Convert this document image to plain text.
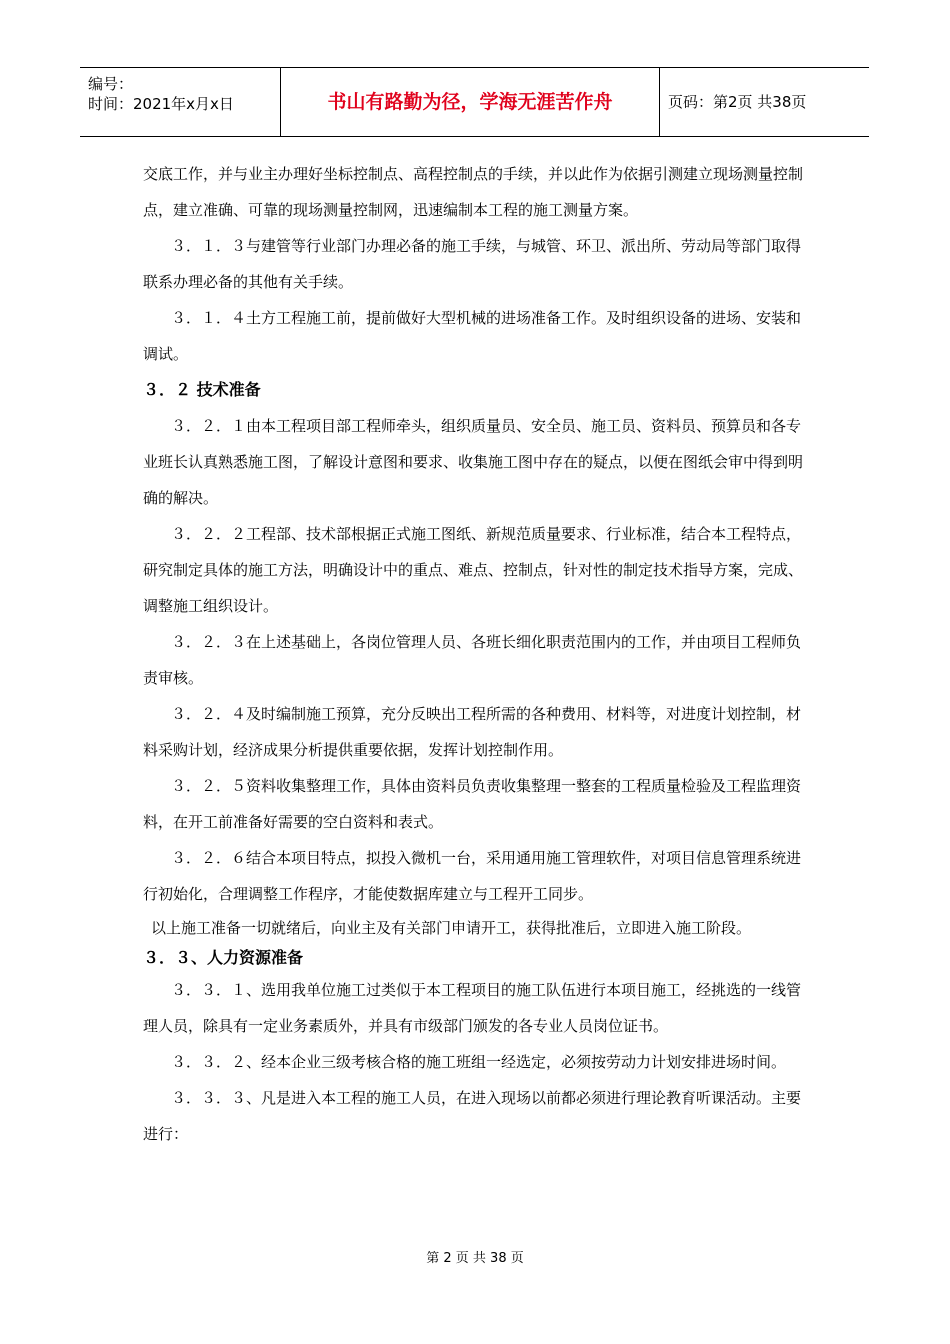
编号：
时间：2021年x月x日	书山有路勤为径，学海无涯苦作舟	页码：第2页 共38页

交底工作，并与业主办理好坐标控制点、高程控制点的手续，并以此作为依据引测建立现场测量控制点，建立准确、可靠的现场测量控制网，迅速编制本工程的施工测量方案。

３．１．３与建管等行业部门办理必备的施工手续，与城管、环卫、派出所、劳动局等部门取得联系办理必备的其他有关手续。

３．１．４土方工程施工前，提前做好大型机械的进场准备工作。及时组织设备的进场、安装和调试。

３．２ 技术准备

３．２．１由本工程项目部工程师牵头，组织质量员、安全员、施工员、资料员、预算员和各专业班长认真熟悉施工图，了解设计意图和要求、收集施工图中存在的疑点，以便在图纸会审中得到明确的解决。

３．２．２工程部、技术部根据正式施工图纸、新规范质量要求、行业标准，结合本工程特点，研究制定具体的施工方法，明确设计中的重点、难点、控制点，针对性的制定技术指导方案，完成、调整施工组织设计。

３．２．３在上述基础上，各岗位管理人员、各班长细化职责范围内的工作，并由项目工程师负责审核。

３．２．４及时编制施工预算，充分反映出工程所需的各种费用、材料等，对进度计划控制，材料采购计划，经济成果分析提供重要依据，发挥计划控制作用。

３．２．５资料收集整理工作，具体由资料员负责收集整理一整套的工程质量检验及工程监理资料，在开工前准备好需要的空白资料和表式。

３．２．６结合本项目特点，拟投入微机一台，采用通用施工管理软件，对项目信息管理系统进行初始化，合理调整工作程序，才能使数据库建立与工程开工同步。

以上施工准备一切就绪后，向业主及有关部门申请开工，获得批准后，立即进入施工阶段。

３．３、人力资源准备

３．３．１、选用我单位施工过类似于本工程项目的施工队伍进行本项目施工，经挑选的一线管理人员，除具有一定业务素质外，并具有市级部门颁发的各专业人员岗位证书。

３．３．２、经本企业三级考核合格的施工班组一经选定，必须按劳动力计划安排进场时间。

３．３．３、凡是进入本工程的施工人员，在进入现场以前都必须进行理论教育听课活动。主要进行：

第 2 页 共 38 页
